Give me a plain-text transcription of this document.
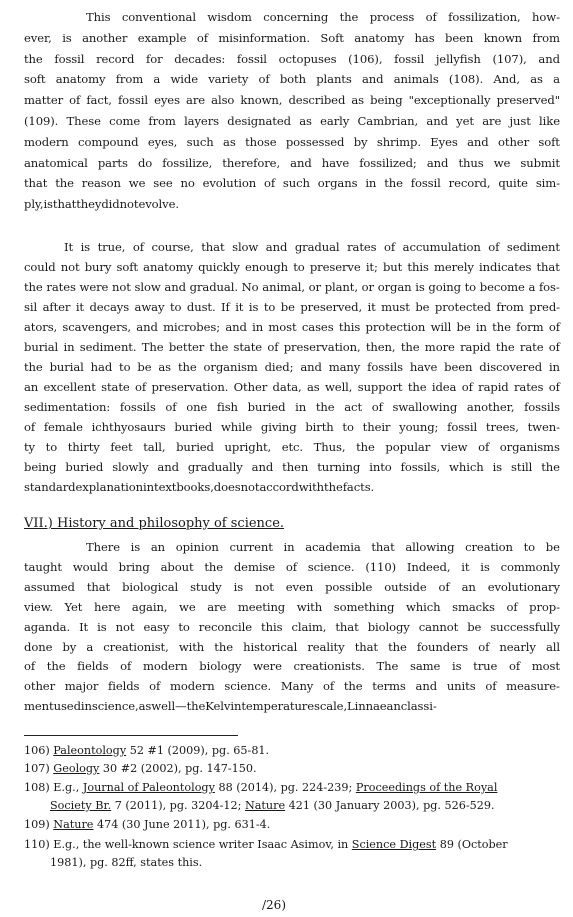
This conventional wisdom concerning the process of fossilization, how-
ever, is another example of misinformation. Soft anatomy has been known from
the fossil record for decades: fossil octopuses (106), fossil jellyfish (107), and
soft anatomy from a wide variety of both plants and animals (108). And, as a
matter of fact, fossil eyes are also known, described as being "exceptionally preserved"
(109). These come from layers designated as early Cambrian, and yet are just like
modern compound eyes, such as those possessed by shrimp. Eyes and other soft
anatomical parts do fossilize, therefore, and have fossilized; and thus we submit
that the reason we see no evolution of such organs in the fossil record, quite sim-
ply, is that they did not evolve.
It is true, of course, that slow and gradual rates of accumulation of sediment
could not bury soft anatomy quickly enough to preserve it; but this merely indicates that
the rates were not slow and gradual. No animal, or plant, or organ is going to become a fos-
sil after it decays away to dust. If it is to be preserved, it must be protected from pred-
ators, scavengers, and microbes; and in most cases this protection will be in the form of
burial in sediment. The better the state of preservation, then, the more rapid the rate of
the burial had to be as the organism died; and many fossils have been discovered in
an excellent state of preservation. Other data, as well, support the idea of rapid rates of
sedimentation: fossils of one fish buried in the act of swallowing another, fossils
of female ichthyosaurs buried while giving birth to their young; fossil trees, twen-
ty to thirty feet tall, buried upright, etc. Thus, the popular view of organisms
being buried slowly and gradually and then turning into fossils, which is still the
standard explanation in textbooks, does not accord with the facts.
There is an opinion current in academia that allowing creation to be
taught would bring about the demise of science. (110) Indeed, it is commonly
assumed that biological study is not even possible outside of an evolutionary
view. Yet here again, we are meeting with something which smacks of prop-
aganda. It is not easy to reconcile this claim, that biology cannot be successfully
done by a creationist, with the historical reality that the founders of nearly all
of the fields of modern biology were creationists. The same is true of most
other major fields of modern science. Many of the terms and units of measure-
ment used in science, as well — the Kelvin temperature scale, Linnaean classi-
VII.) History and philosophy of science.
106) Paleontology 52 #1 (2009), pg. 65-81.
107) Geology 30 #2 (2002), pg. 147-150.
108) E.g., Journal of Paleontology 88 (2014), pg. 224-239; Proceedings of the Royal
Society Br. 7 (2011), pg. 3204-12; Nature 421 (30 January 2003), pg. 526-529.
109) Nature 474 (30 June 2011), pg. 631-4.
110) E.g., the well-known science writer Isaac Asimov, in Science Digest 89 (October
1981), pg. 82ff, states this.
/26)
